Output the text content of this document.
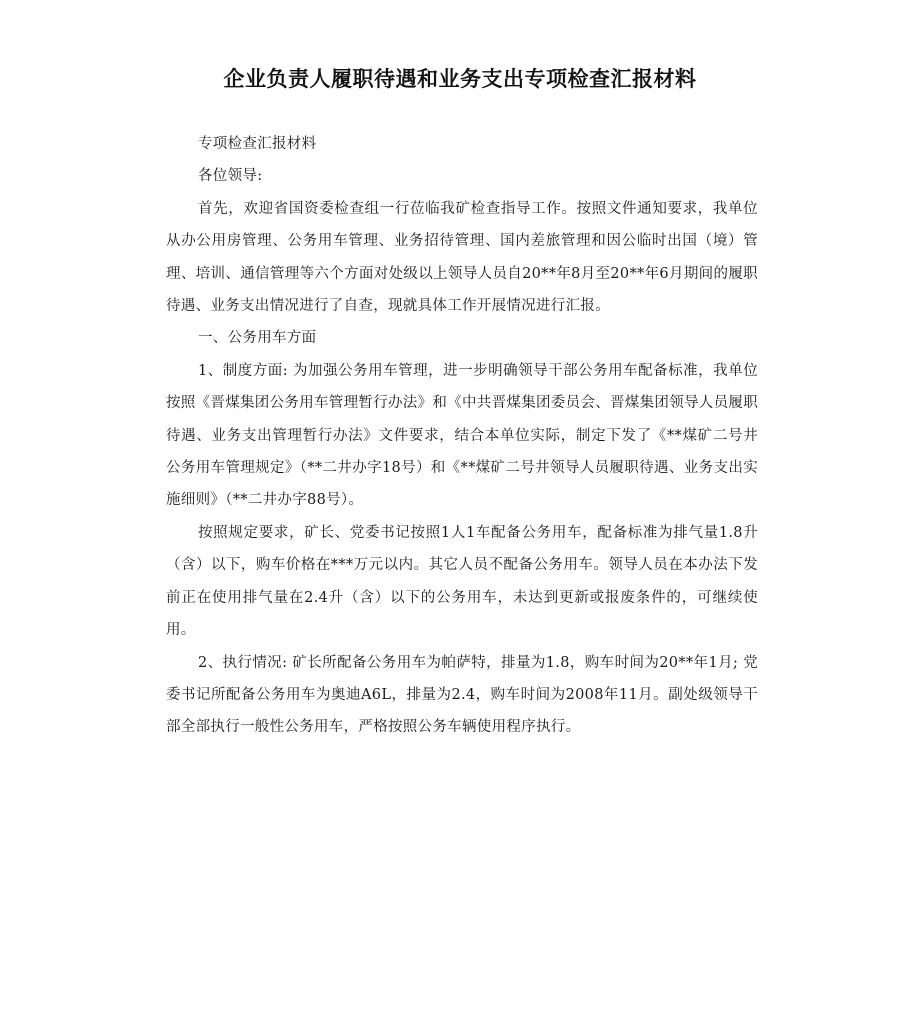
企业负责人履职待遇和业务支出专项检查汇报材料

专项检查汇报材料

各位领导:

首先，欢迎省国资委检查组一行莅临我矿检查指导工作。按照文件通知要求，我单位从办公用房管理、公务用车管理、业务招待管理、国内差旅管理和因公临时出国（境）管理、培训、通信管理等六个方面对处级以上领导人员自20**年8月至20**年6月期间的履职待遇、业务支出情况进行了自查，现就具体工作开展情况进行汇报。

一、公务用车方面

1、制度方面: 为加强公务用车管理，进一步明确领导干部公务用车配备标准，我单位按照《晋煤集团公务用车管理暂行办法》和《中共晋煤集团委员会、晋煤集团领导人员履职待遇、业务支出管理暂行办法》文件要求，结合本单位实际，制定下发了《**煤矿二号井公务用车管理规定》（**二井办字18号）和《**煤矿二号井领导人员履职待遇、业务支出实施细则》（**二井办字88号）。

按照规定要求，矿长、党委书记按照1人1车配备公务用车，配备标准为排气量1.8升（含）以下，购车价格在***万元以内。其它人员不配备公务用车。领导人员在本办法下发前正在使用排气量在2.4升（含）以下的公务用车，未达到更新或报废条件的，可继续使用。

2、执行情况: 矿长所配备公务用车为帕萨特，排量为1.8，购车时间为20**年1月; 党委书记所配备公务用车为奥迪A6L，排量为2.4，购车时间为2008年11月。副处级领导干部全部执行一般性公务用车，严格按照公务车辆使用程序执行。
